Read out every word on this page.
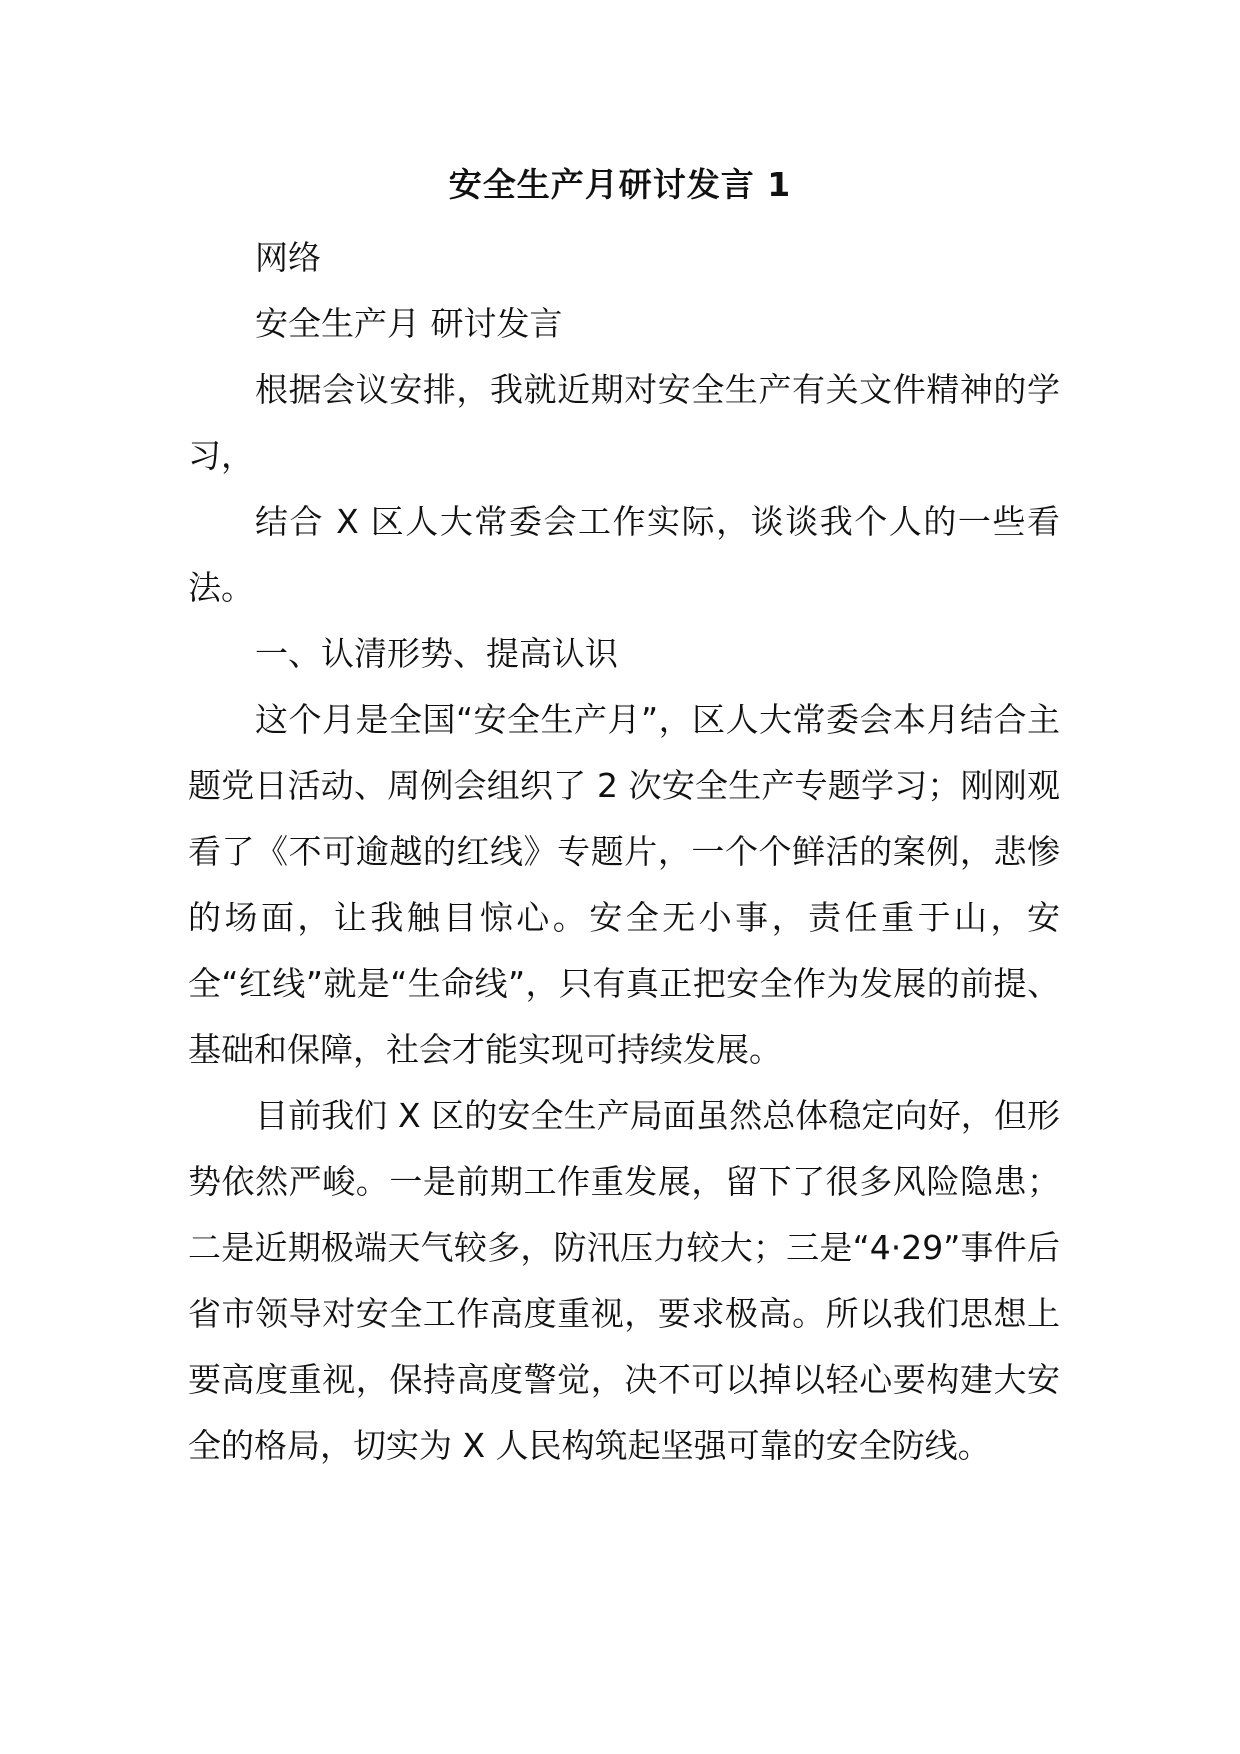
安全生产月研讨发言 1

网络

安全生产月 研讨发言

根据会议安排，我就近期对安全生产有关文件精神的学习，

结合 X 区人大常委会工作实际，谈谈我个人的一些看法。

一、认清形势、提高认识

这个月是全国“安全生产月”，区人大常委会本月结合主题党日活动、周例会组织了 2 次安全生产专题学习；刚刚观看了《不可逾越的红线》专题片，一个个鲜活的案例，悲惨的场面，让我触目惊心。安全无小事，责任重于山，安全“红线”就是“生命线”，只有真正把安全作为发展的前提、基础和保障，社会才能实现可持续发展。

目前我们 X 区的安全生产局面虽然总体稳定向好，但形势依然严峻。一是前期工作重发展，留下了很多风险隐患；二是近期极端天气较多，防汛压力较大；三是“4·29”事件后省市领导对安全工作高度重视，要求极高。所以我们思想上要高度重视，保持高度警觉，决不可以掉以轻心要构建大安全的格局，切实为 X 人民构筑起坚强可靠的安全防线。
